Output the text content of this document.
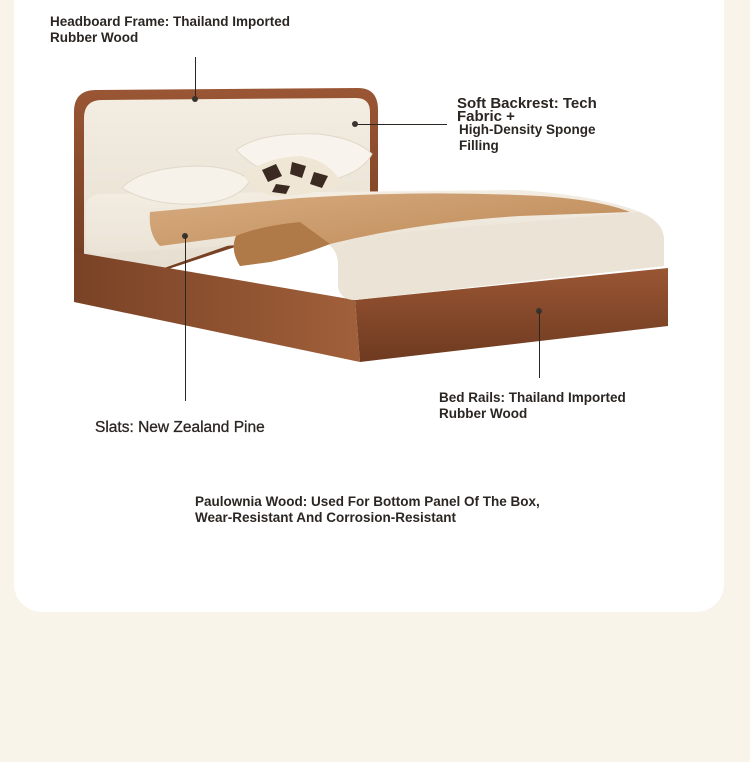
Headboard Frame: Thailand Imported Rubber Wood
Soft Backrest: Tech Fabric +
High-Density Sponge Filling
Slats: New Zealand Pine
Bed Rails: Thailand Imported Rubber Wood
Paulownia Wood: Used For Bottom Panel Of The Box, Wear-Resistant And Corrosion-Resistant
